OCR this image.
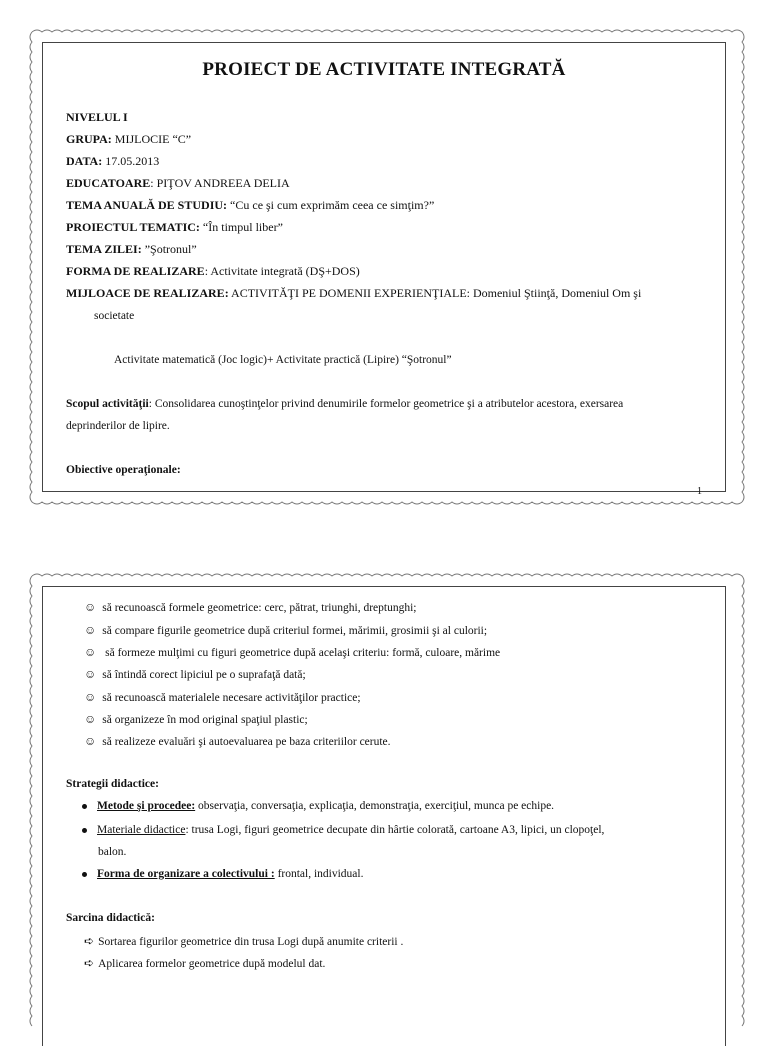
PROIECT DE ACTIVITATE INTEGRATĂ
NIVELUL I
GRUPA: MIJLOCIE “C”
DATA: 17.05.2013
EDUCATOARE: PIŢOV ANDREEA DELIA
TEMA ANUALĂ DE STUDIU: “Cu ce şi cum exprimăm ceea ce simţim?”
PROIECTUL TEMATIC: “În timpul liber”
TEMA ZILEI: ”Şotronul”
FORMA DE REALIZARE: Activitate integrată (DŞ+DOS)
MIJLOACE DE REALIZARE: ACTIVITĂŢI PE DOMENII EXPERIENŢIALE: Domeniul Ştiinţă, Domeniul Om şi
societate
Activitate matematică (Joc logic)+ Activitate practică (Lipire) “Şotronul”
Scopul activităţii: Consolidarea cunoştinţelor privind denumirile formelor geometrice şi a atributelor acestora, exersarea
deprinderilor de lipire.
Obiective operaţionale:
1
☺ să recunoască formele geometrice: cerc, pătrat, triunghi, dreptunghi;
☺ să compare figurile geometrice după criteriul formei, mărimii, grosimii şi al culorii;
☺ să formeze mulţimi cu figuri geometrice după acelaşi criteriu: formă, culoare, mărime
☺ să întindă corect lipiciul pe o suprafaţă dată;
☺ să recunoască materialele necesare activităţilor practice;
☺ să organizeze în mod original spaţiul plastic;
☺ să realizeze evaluări şi autoevaluarea pe baza criteriilor cerute.
Strategii didactice:
Metode şi procedee: observaţia, conversaţia, explicaţia, demonstraţia, exerciţiul, munca pe echipe.
Materiale didactice: trusa Logi, figuri geometrice decupate din hârtie colorată, cartoane A3, lipici, un clopoţel,
balon.
Forma de organizare a colectivului : frontal, individual.
Sarcina didactică:
➪ Sortarea figurilor geometrice din trusa Logi după anumite criterii .
➪ Aplicarea formelor geometrice după modelul dat.
